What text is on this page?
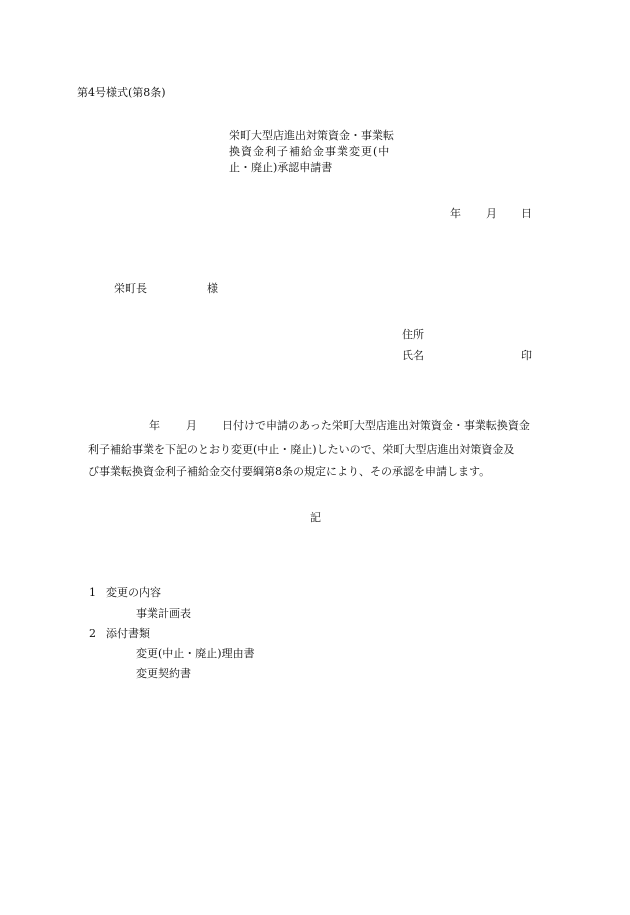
第4号様式(第8条)
栄町大型店進出対策資金・事業転
換資金利子補給金事業変更(中
止・廃止)承認申請書
年 月 日
栄町長	様
住所
氏名	印
年 月 日付けで申請のあった栄町大型店進出対策資金・事業転換資金
利子補給事業を下記のとおり変更(中止・廃止)したいので、栄町大型店進出対策資金及
び事業転換資金利子補給金交付要綱第8条の規定により、その承認を申請します。
記
1 変更の内容
事業計画表
2 添付書類
変更(中止・廃止)理由書
変更契約書
